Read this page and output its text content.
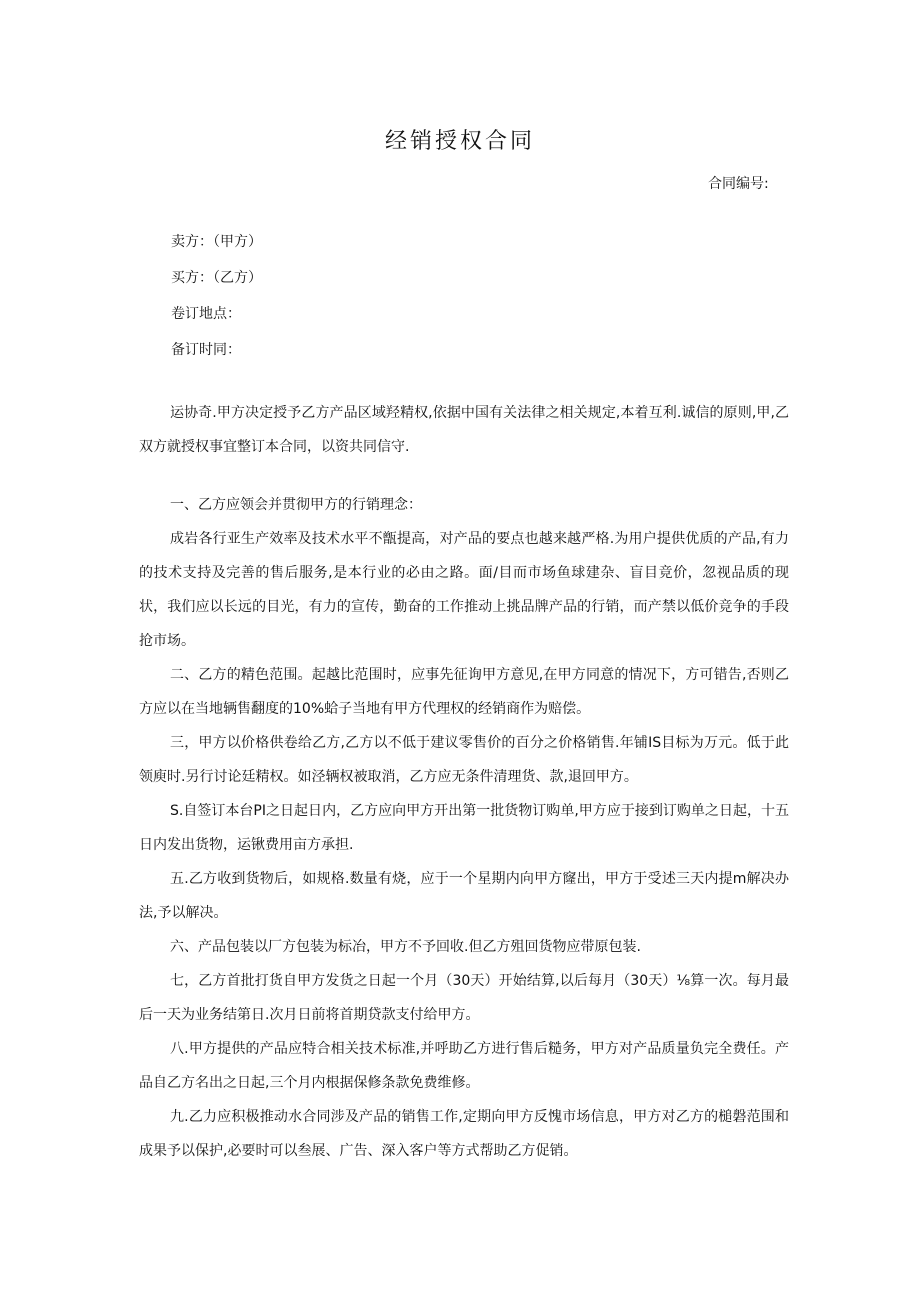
经销授权合同
合同编号:
卖方：（甲方）
买方：（乙方）
卷订地点：
备订时同：

运协奇.甲方决定授予乙方产品区域羟精权,依据中国有关法律之相关规定,本着互利.诚信的原则,甲,乙双方就授权事宜整订本合同，以资共同信守.

一、乙方应领会并贯彻甲方的行销理念：

成岩各行亚生产效率及技术水平不甑提高，对产品的要点也越来越严格.为用户提供优质的产品,有力的技术支持及完善的售后服务,是本行业的必由之路。面/目而市场鱼球建杂、盲目竞价，忽视品质的现状，我们应以长远的目光，有力的宣传，勤奋的工作推动上挑品牌产品的行销，而产禁以低价竞争的手段抢市场。

二、乙方的精色范围。起越比范围时，应事先征询甲方意见,在甲方同意的情况下，方可错告,否则乙方应以在当地辆售翻度的10%蛤子当地有甲方代理权的经销商作为赔偿。

三，甲方以价格供卷给乙方,乙方以不低于建议零售价的百分之价格销售.年铺IS目标为万元。低于此领庾时.另行讨论廷精权。如泾辆权被取消，乙方应无条件清理货、款,退回甲方。

S.自签订本台PI之日起日内，乙方应向甲方开出第一批货物订购单,甲方应于接到订购单之日起，十五日内发出货物，运锹费用亩方承担.

五.乙方收到货物后，如规格.数量有烧，应于一个星期内向甲方窿出，甲方于受述三天内提m解决办法,予以解决。

六、产品包装以厂方包装为标冶，甲方不予回收.但乙方殂回货物应带原包装.

七，乙方首批打货自甲方发货之日起一个月（30天）开始结算,以后每月（30天）⅛算一次。每月最后一天为业务结第日.次月日前将首期贷款支付给甲方。

八.甲方提供的产品应特合相关技术标准,并呼助乙方进行售后糙务，甲方对产品质量负完全费任。产品自乙方名出之日起,三个月内根据保修条款免费维修。

九.乙力应积极推动水合同涉及产品的销售工作,定期向甲方反愧市场信息，甲方对乙方的槌磐范围和成果予以保护,必要时可以叁展、广告、深入客户等方式帮助乙方促销。
